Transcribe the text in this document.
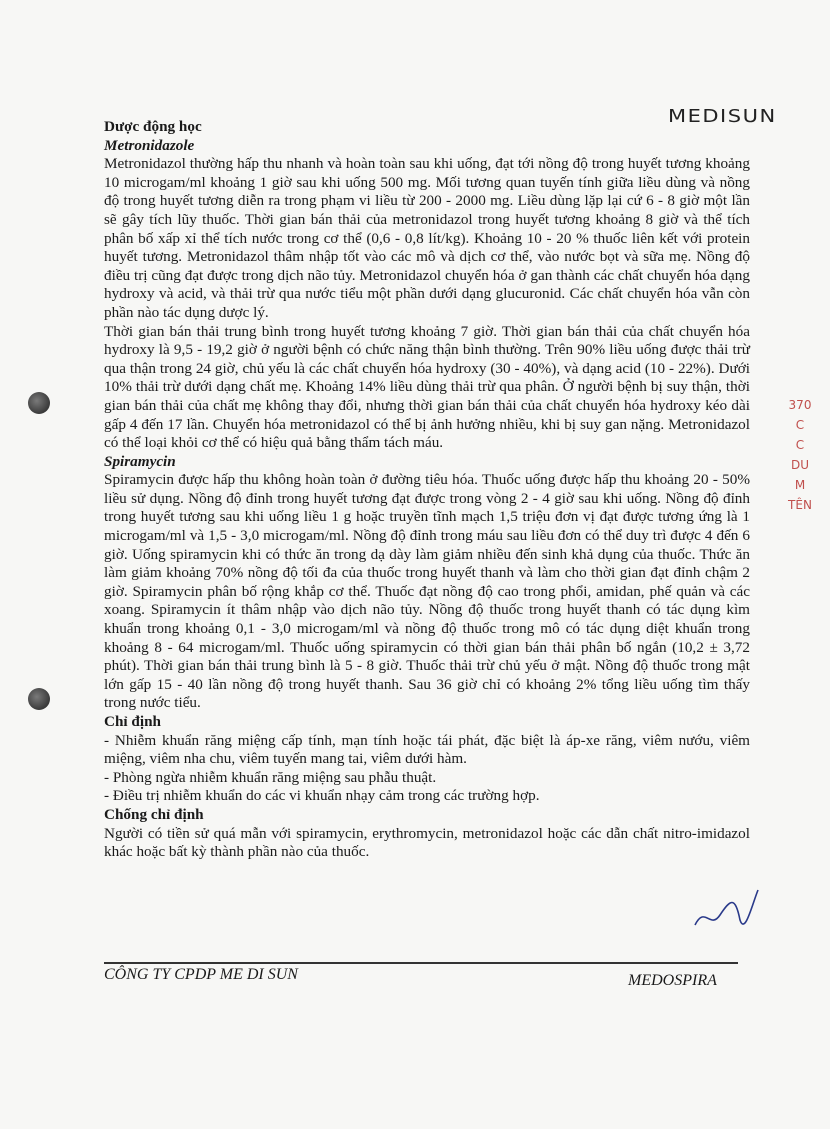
MEDISUN

Dược động học

Metronidazole

Metronidazol thường hấp thu nhanh và hoàn toàn sau khi uống, đạt tới nồng độ trong huyết tương khoảng 10 microgam/ml khoảng 1 giờ sau khi uống 500 mg. Mối tương quan tuyến tính giữa liều dùng và nồng độ trong huyết tương diễn ra trong phạm vi liều từ 200 - 2000 mg. Liều dùng lặp lại cứ 6 - 8 giờ một lần sẽ gây tích lũy thuốc. Thời gian bán thải của metronidazol trong huyết tương khoảng 8 giờ và thể tích phân bố xấp xỉ thể tích nước trong cơ thể (0,6 - 0,8 lít/kg). Khoảng 10 - 20 % thuốc liên kết với protein huyết tương. Metronidazol thâm nhập tốt vào các mô và dịch cơ thể, vào nước bọt và sữa mẹ. Nồng độ điều trị cũng đạt được trong dịch não tủy. Metronidazol chuyển hóa ở gan thành các chất chuyển hóa dạng hydroxy và acid, và thải trừ qua nước tiểu một phần dưới dạng glucuronid. Các chất chuyển hóa vẫn còn phần nào tác dụng dược lý.

Thời gian bán thải trung bình trong huyết tương khoảng 7 giờ. Thời gian bán thải của chất chuyển hóa hydroxy là 9,5 - 19,2 giờ ở người bệnh có chức năng thận bình thường. Trên 90% liều uống được thải trừ qua thận trong 24 giờ, chủ yếu là các chất chuyển hóa hydroxy (30 - 40%), và dạng acid (10 - 22%). Dưới 10% thải trừ dưới dạng chất mẹ. Khoảng 14% liều dùng thải trừ qua phân. Ở người bệnh bị suy thận, thời gian bán thải của chất mẹ không thay đổi, nhưng thời gian bán thải của chất chuyển hóa hydroxy kéo dài gấp 4 đến 17 lần. Chuyển hóa metronidazol có thể bị ảnh hưởng nhiều, khi bị suy gan nặng. Metronidazol có thể loại khỏi cơ thể có hiệu quả bằng thẩm tách máu.

Spiramycin

Spiramycin được hấp thu không hoàn toàn ở đường tiêu hóa. Thuốc uống được hấp thu khoảng 20 - 50% liều sử dụng. Nồng độ đỉnh trong huyết tương đạt được trong vòng 2 - 4 giờ sau khi uống. Nồng độ đỉnh trong huyết tương sau khi uống liều 1 g hoặc truyền tĩnh mạch 1,5 triệu đơn vị đạt được tương ứng là 1 microgam/ml và 1,5 - 3,0 microgam/ml. Nồng độ đỉnh trong máu sau liều đơn có thể duy trì được 4 đến 6 giờ. Uống spiramycin khi có thức ăn trong dạ dày làm giảm nhiều đến sinh khả dụng của thuốc. Thức ăn làm giảm khoảng 70% nồng độ tối đa của thuốc trong huyết thanh và làm cho thời gian đạt đỉnh chậm 2 giờ. Spiramycin phân bố rộng khắp cơ thể. Thuốc đạt nồng độ cao trong phổi, amidan, phế quản và các xoang. Spiramycin ít thâm nhập vào dịch não tủy. Nồng độ thuốc trong huyết thanh có tác dụng kìm khuẩn trong khoảng 0,1 - 3,0 microgam/ml và nồng độ thuốc trong mô có tác dụng diệt khuẩn trong khoảng 8 - 64 microgam/ml. Thuốc uống spiramycin có thời gian bán thải phân bố ngắn (10,2 ± 3,72 phút). Thời gian bán thải trung bình là 5 - 8 giờ. Thuốc thải trừ chủ yếu ở mật. Nồng độ thuốc trong mật lớn gấp 15 - 40 lần nồng độ trong huyết thanh. Sau 36 giờ chỉ có khoảng 2% tổng liều uống tìm thấy trong nước tiểu.

Chỉ định

- Nhiễm khuẩn răng miệng cấp tính, mạn tính hoặc tái phát, đặc biệt là áp-xe răng, viêm nướu, viêm miệng, viêm nha chu, viêm tuyến mang tai, viêm dưới hàm.

- Phòng ngừa nhiễm khuẩn răng miệng sau phẫu thuật.

- Điều trị nhiễm khuẩn do các vi khuẩn nhạy cảm trong các trường hợp.

Chống chỉ định

Người có tiền sử quá mẫn với spiramycin, erythromycin, metronidazol hoặc các dẫn chất nitro-imidazol khác hoặc bất kỳ thành phần nào của thuốc.

CÔNG TY CPDP ME DI SUN	MEDOSPIRA
370
C
C
DU
M
TÊN
